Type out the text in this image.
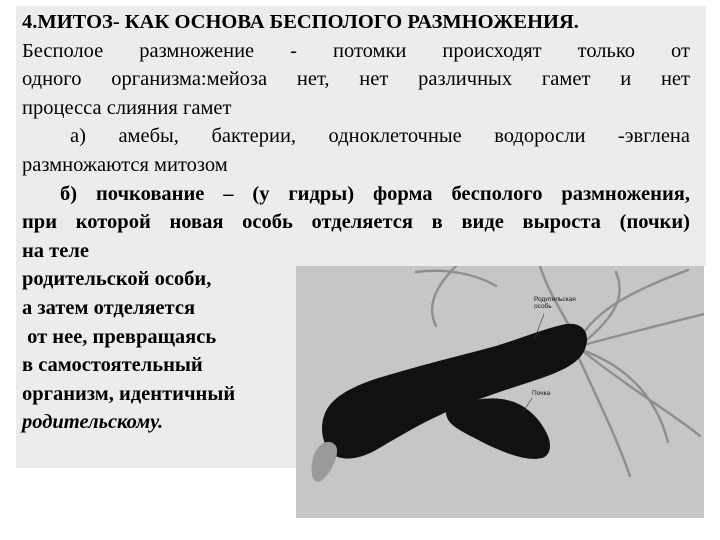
4.МИТОЗ- КАК ОСНОВА БЕСПОЛОГО РАЗМНОЖЕНИЯ.
Бесполое размножение - потомки происходят только от
одного организма:мейоза нет, нет различных гамет и нет
процесса слияния гамет
а) амебы, бактерии, одноклеточные водоросли -эвглена
размножаются митозом
б) почкование – (у гидры) форма бесполого размножения,
при которой новая особь отделяется в виде выроста (почки)
на теле
родительской особи,
а затем отделяется
от нее, превращаясь
в самостоятельный
организм, идентичный
родительскому.
Родительская особь
Почка
